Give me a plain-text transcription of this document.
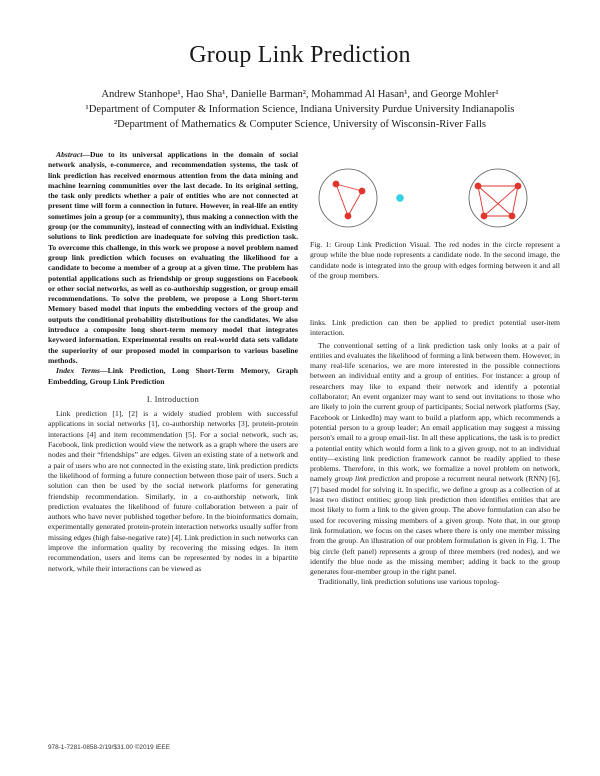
Group Link Prediction
Andrew Stanhope¹, Hao Sha¹, Danielle Barman², Mohammad Al Hasan¹, and George Mohler¹
¹Department of Computer & Information Science, Indiana University Purdue University Indianapolis
²Department of Mathematics & Computer Science, University of Wisconsin-River Falls

Abstract—Due to its universal applications in the domain of social network analysis, e-commerce, and recommendation systems, the task of link prediction has received enormous attention from the data mining and machine learning communities over the last decade. In its original setting, the task only predicts whether a pair of entities who are not connected at present time will form a connection in future. However, in real-life an entity sometimes join a group (or a community), thus making a connection with the group (or the community), instead of connecting with an individual. Existing solutions to link prediction are inadequate for solving this prediction task. To overcome this challenge, in this work we propose a novel problem named group link prediction which focuses on evaluating the likelihood for a candidate to become a member of a group at a given time. The problem has potential applications such as friendship or group suggestions on Facebook or other social networks, as well as co-authorship suggestion, or group email recommendations. To solve the problem, we propose a Long Short-term Memory based model that inputs the embedding vectors of the group and outputs the conditional probability distributions for the candidates. We also introduce a composite long short-term memory model that integrates keyword information. Experimental results on real-world data sets validate the superiority of our proposed model in comparison to various baseline methods.

Index Terms—Link Prediction, Long Short-Term Memory, Graph Embedding, Group Link Prediction

I. Introduction

Link prediction [1], [2] is a widely studied problem with successful applications in social networks [1], co-authorship networks [3], protein-protein interactions [4] and item recommendation [5]. For a social network, such as, Facebook, link prediction would view the network as a graph where the users are nodes and their “friendships” are edges. Given an existing state of a network and a pair of users who are not connected in the existing state, link prediction predicts the likelihood of forming a future connection between those pair of users. Such a solution can then be used by the social network platforms for generating friendship recommendation. Similarly, in a co-authorship network, link prediction evaluates the likelihood of future collaboration between a pair of authors who have never published together before. In the bioinformatics domain, experimentally generated protein-protein interaction networks usually suffer from missing edges (high false-negative rate) [4]. Link prediction in such networks can improve the information quality by recovering the missing edges. In item recommendation, users and items can be represented by nodes in a bipartite network, while their interactions can be viewed as

Fig. 1: Group Link Prediction Visual. The red nodes in the circle represent a group while the blue node represents a candidate node. In the second image, the candidate node is integrated into the group with edges forming between it and all of the group members.

links. Link prediction can then be applied to predict potential user-item interaction.

The conventional setting of a link prediction task only looks at a pair of entities and evaluates the likelihood of forming a link between them. However, in many real-life scenarios, we are more interested in the possible connections between an individual entity and a group of entities. For instance: a group of researchers may like to expand their network and identify a potential collaborator; An event organizer may want to send out invitations to those who are likely to join the current group of participants; Social network platforms (Say, Facebook or LinkedIn) may want to build a platform app, which recommends a potential person to a group leader; An email application may suggest a missing person's email to a group email-list. In all these applications, the task is to predict a potential entity which would form a link to a given group, not to an individual entity—existing link prediction framework cannot be readily applied to these problems. Therefore, in this work, we formalize a novel problem on network, namely group link prediction and propose a recurrent neural network (RNN) [6], [7] based model for solving it. In specific, we define a group as a collection of at least two distinct entities; group link prediction then identifies entities that are most likely to form a link to the given group. The above formulation can also be used for recovering missing members of a given group. Note that, in our group link formulation, we focus on the cases where there is only one member missing from the group. An illustration of our problem formulation is given in Fig. 1. The big circle (left panel) represents a group of three members (red nodes), and we identify the blue node as the missing member; adding it back to the group generates four-member group in the right panel.

Traditionally, link prediction solutions use various topolog-

978-1-7281-0858-2/19/$31.00 ©2019 IEEE
